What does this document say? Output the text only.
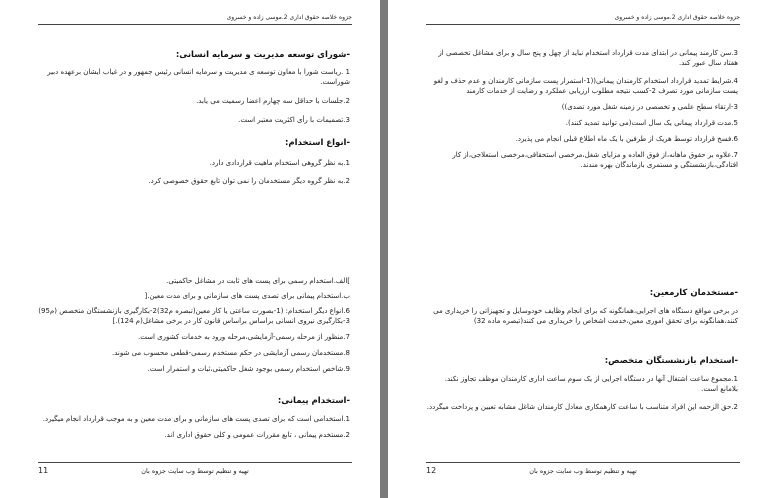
جزوه خلاصه حقوق اداری 2.موسی زاده و خسروی

-شورای توسعه مدیریت و سرمایه انسانی:

1 .ریاست شورا با معاون توسعه ی مدیریت و سرمایه انسانی رئیس جمهور و در غیاب ایشان برعهده دبیر شوراست.

2.جلسات با حداقل سه چهارم اعضا رسمیت می یابد.

3.تصمیمات با رأی اکثریت معتبر است.

-انواع استخدام:

1.به نظر گروهی استخدام ماهیت قراردادی دارد.

2.به نظر گروه دیگر مستخدمان را نمی توان تابع حقوق خصوصی کرد.

]الف.استخدام رسمی برای پست های ثابت در مشاغل حاکمیتی.

ب.استخدام پیمانی برای تصدی پست های سازمانی و برای مدت معین.[

6.انواع دیگر استخدام: (1-بصورت ساعتی یا کار معین(تبصره م32)2-بکارگیری بازنشستگان متخصص (م95)

3-بکارگیری نیروی انسانی براساس براساس قانون کار در برخی مشاغل(م 124).]

7.منظور از مرحله رسمی-آزمایشی،مرحله ورود به خدمات کشوری است.

8.مستخدمان رسمی آزمایشی در حکم مستخدم رسمی-قطعی محسوب می شوند.

9.شاخص استخدام رسمی بوجود شغل حاکمیتی،ثبات و استمرار است.

-استخدام پیمانی:

1.استخدامی است که برای تصدی پست های سازمانی و برای مدت معین و به موجب قرارداد انجام میگیرد.

2.مستخدم پیمانی ، تابع مقررات عمومی و کلی حقوق اداری اند.

تهیه و تنظیم توسط وب سایت جزوه بان
11
جزوه خلاصه حقوق اداری 2.موسی زاده و خسروی

3.سن کارمند پیمانی در ابتدای مدت قرارداد استخدام نباید از چهل و پنج سال و برای مشاغل تخصصی از هفتاد سال عبور کند.

4.شرایط تمدید قرارداد استخدام کارمندان پیمانی((1-استمرار پست سازمانی کارمندان و عدم حذف و لغو پست سازمانی مورد تصرف 2-کسب نتیجه مطلوب ارزیابی عملکرد و رضایت از خدمات کارمند

3-ارتقاء سطح علمی و تخصصی در زمینه شغل مورد تصدی))

5.مدت قرارداد پیمانی یک سال است(می توانید تمدید کنند).

6.فسخ قرارداد توسط هریک از طرفین با یک ماه اطلاع قبلی انجام می پذیرد.

7.علاوه بر حقوق ماهانه،از فوق العاده و مزایای شغل،مرخصی استحقاقی،مرخصی استعلاجی،از کار افتادگی،بازنشستگی و مستمری بازماندگان بهره مندند.

-مستخدمان کارمعین:

در برخی مواقع دستگاه های اجرایی،همانگونه که برای انجام وظایف خودوسایل و تجهیزاتی را خریداری می کنند،همانگونه برای تحقق اموری معین،خدمت اشخاص را خریداری می کنند(تبصره ماده 32)

-استخدام بازنشستگان متخصص:

1.مجموع ساعت اشتغال آنها در دستگاه اجرایی از یک سوم ساعت اداری کارمندان موظف تجاوز نکند. بلامانع است.

2.حق الزحمه این افراد متناسب با ساعت کارهمکاری معادل کارمندان شاغل مشابه تعیین و پرداخت میگردد.

تهیه و تنظیم توسط وب سایت جزوه بان
12
